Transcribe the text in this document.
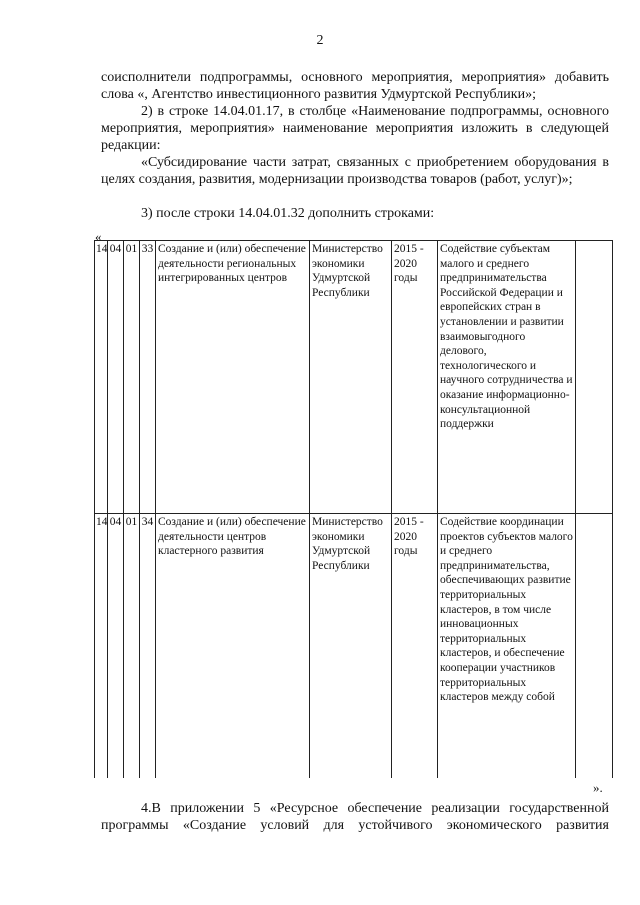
2
соисполнители подпрограммы, основного мероприятия, мероприятия» добавить слова «, Агентство инвестиционного развития Удмуртской Республики»;
2) в строке 14.04.01.17, в столбце «Наименование подпрограммы, основного мероприятия, мероприятия» наименование мероприятия изложить в следующей редакции:
«Субсидирование части затрат, связанных с приобретением оборудования в целях создания, развития, модернизации производства товаров (работ, услуг)»;
3) после строки 14.04.01.32 дополнить строками:
«
14	04	01	33	Создание и (или) обеспечение деятельности региональных интегрированных центров	Министерство экономики Удмуртской Республики	2015 - 2020 годы	Содействие субъектам малого и среднего предпринимательства Российской Федерации и европейских стран в установлении и развитии взаимовыгодного делового, технологического и научного сотрудничества и оказание информационно-консультационной поддержки	
14	04	01	34	Создание и (или) обеспечение деятельности центров кластерного развития	Министерство экономики Удмуртской Республики	2015 - 2020 годы	Содействие координации проектов субъектов малого и среднего предпринимательства, обеспечивающих развитие территориальных кластеров, в том числе инновационных территориальных кластеров, и обеспечение кооперации участников территориальных кластеров между собой	
».
4.В приложении 5 «Ресурсное обеспечение реализации государственной
программы «Создание условий для устойчивого экономического развития
